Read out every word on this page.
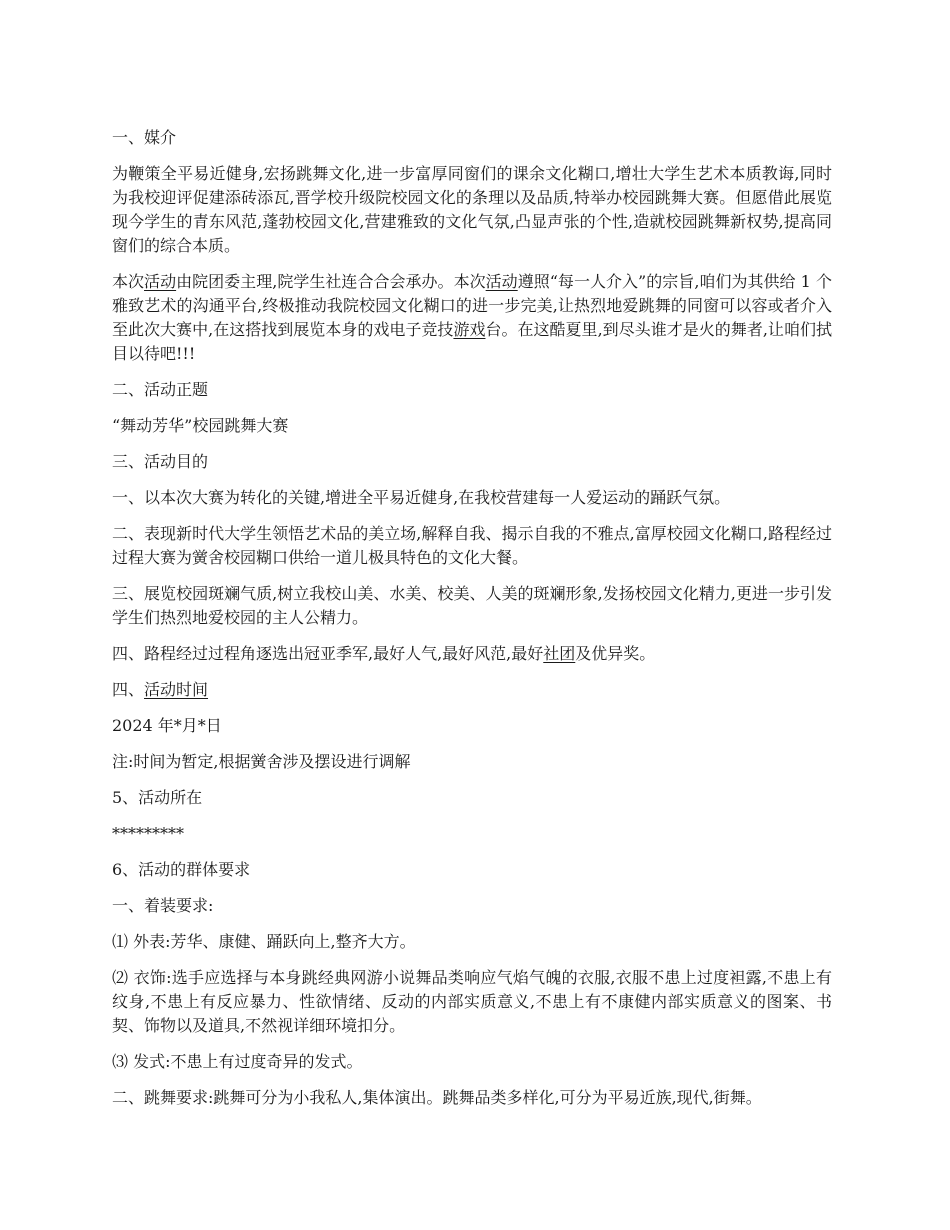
一、媒介

为鞭策全平易近健身,宏扬跳舞文化,进一步富厚同窗们的课余文化糊口,增壮大学生艺术本质教诲,同时为我校迎评促建添砖添瓦,晋学校升级院校园文化的条理以及品质,特举办校园跳舞大赛。但愿借此展览现今学生的青东风范,蓬勃校园文化,营建雅致的文化气氛,凸显声张的个性,造就校园跳舞新权势,提高同窗们的综合本质。

本次活动由院团委主理,院学生社连合合会承办。本次活动遵照“每一人介入”的宗旨,咱们为其供给 1 个雅致艺术的沟通平台,终极推动我院校园文化糊口的进一步完美,让热烈地爱跳舞的同窗可以容或者介入至此次大赛中,在这搭找到展览本身的戏电子竞技游戏台。在这酷夏里,到尽头谁才是火的舞者,让咱们拭目以待吧!!!

二、活动正题

“舞动芳华”校园跳舞大赛

三、活动目的

一、以本次大赛为转化的关键,增进全平易近健身,在我校营建每一人爱运动的踊跃气氛。

二、表现新时代大学生领悟艺术品的美立场,解释自我、揭示自我的不雅点,富厚校园文化糊口,路程经过过程大赛为黉舍校园糊口供给一道儿极具特色的文化大餐。

三、展览校园斑斓气质,树立我校山美、水美、校美、人美的斑斓形象,发扬校园文化精力,更进一步引发学生们热烈地爱校园的主人公精力。

四、路程经过过程角逐选出冠亚季军,最好人气,最好风范,最好社团及优异奖。

四、活动时间

2024 年*月*日

注:时间为暂定,根据黉舍涉及摆设进行调解

5、活动所在

*********

6、活动的群体要求

一、着装要求:

⑴ 外表:芳华、康健、踊跃向上,整齐大方。

⑵ 衣饰:选手应选择与本身跳经典网游小说舞品类响应气焰气魄的衣服,衣服不患上过度袒露,不患上有纹身,不患上有反应暴力、性欲情绪、反动的内部实质意义,不患上有不康健内部实质意义的图案、书契、饰物以及道具,不然视详细环境扣分。

⑶ 发式:不患上有过度奇异的发式。

二、跳舞要求:跳舞可分为小我私人,集体演出。跳舞品类多样化,可分为平易近族,现代,街舞。
